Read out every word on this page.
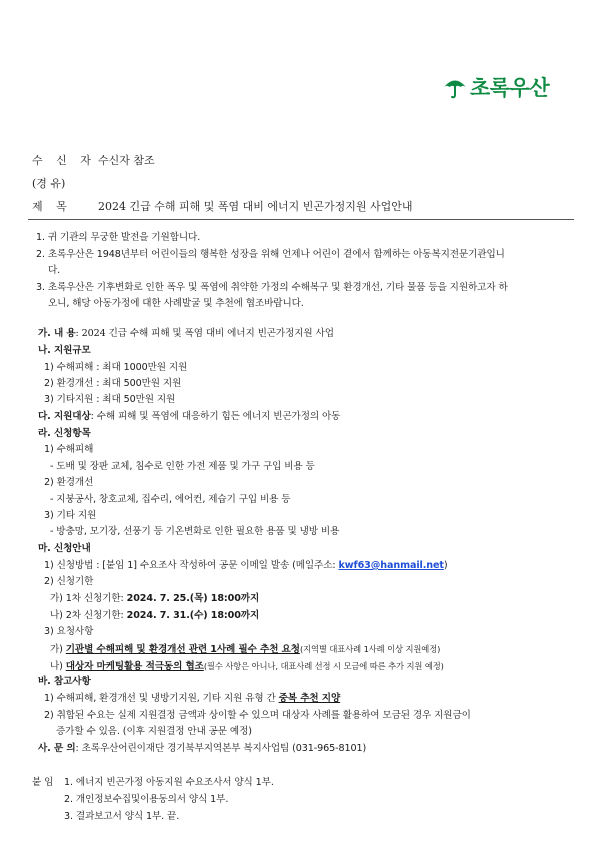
초록우산
수 신 자 수신자 참조
(경 유)
제 목 2024 긴급 수해 피해 및 폭염 대비 에너지 빈곤가정지원 사업안내
1. 귀 기관의 무궁한 발전을 기원합니다.
2. 초록우산은 1948년부터 어린이들의 행복한 성장을 위해 언제나 어린이 곁에서 함께하는 아동복지전문기관입니
다.
3. 초록우산은 기후변화로 인한 폭우 및 폭염에 취약한 가정의 수해복구 및 환경개선, 기타 물품 등을 지원하고자 하
오니, 해당 아동가정에 대한 사례발굴 및 추천에 협조바랍니다.
가. 내 용: 2024 긴급 수해 피해 및 폭염 대비 에너지 빈곤가정지원 사업
나. 지원규모
1) 수해피해 : 최대 1000만원 지원
2) 환경개선 : 최대 500만원 지원
3) 기타지원 : 최대 50만원 지원
다. 지원대상: 수해 피해 및 폭염에 대응하기 힘든 에너지 빈곤가정의 아동
라. 신청항목
1) 수해피해
- 도배 및 장판 교체, 침수로 인한 가전 제품 및 가구 구입 비용 등
2) 환경개선
- 지붕공사, 창호교체, 집수리, 에어컨, 제습기 구입 비용 등
3) 기타 지원
- 방충망, 모기장, 선풍기 등 기온변화로 인한 필요한 용품 및 냉방 비용
마. 신청안내
1) 신청방법 : [붙임 1] 수요조사 작성하여 공문 이메일 발송 (메일주소: kwf63@hanmail.net)
2) 신청기한
가) 1차 신청기한: 2024. 7. 25.(목) 18:00까지
나) 2차 신청기한: 2024. 7. 31.(수) 18:00까지
3) 요청사항
가) 기관별 수해피해 및 환경개선 관련 1사례 필수 추천 요청(지역별 대표사례 1사례 이상 지원예정)
나) 대상자 마케팅활용 적극동의 협조(필수 사항은 아니나, 대표사례 선정 시 모금에 따른 추가 지원 예정)
바. 참고사항
1) 수해피해, 환경개선 및 냉방기지원, 기타 지원 유형 간 중복 추천 지양
2) 취합된 수요는 실제 지원결정 금액과 상이할 수 있으며 대상자 사례를 활용하여 모금된 경우 지원금이
증가할 수 있음. (이후 지원결정 안내 공문 예정)
사. 문 의: 초록우산어린이재단 경기북부지역본부 복지사업팀 (031-965-8101)
붙 임 1. 에너지 빈곤가정 아동지원 수요조사서 양식 1부.
2. 개인정보수집및이용동의서 양식 1부.
3. 결과보고서 양식 1부. 끝.
